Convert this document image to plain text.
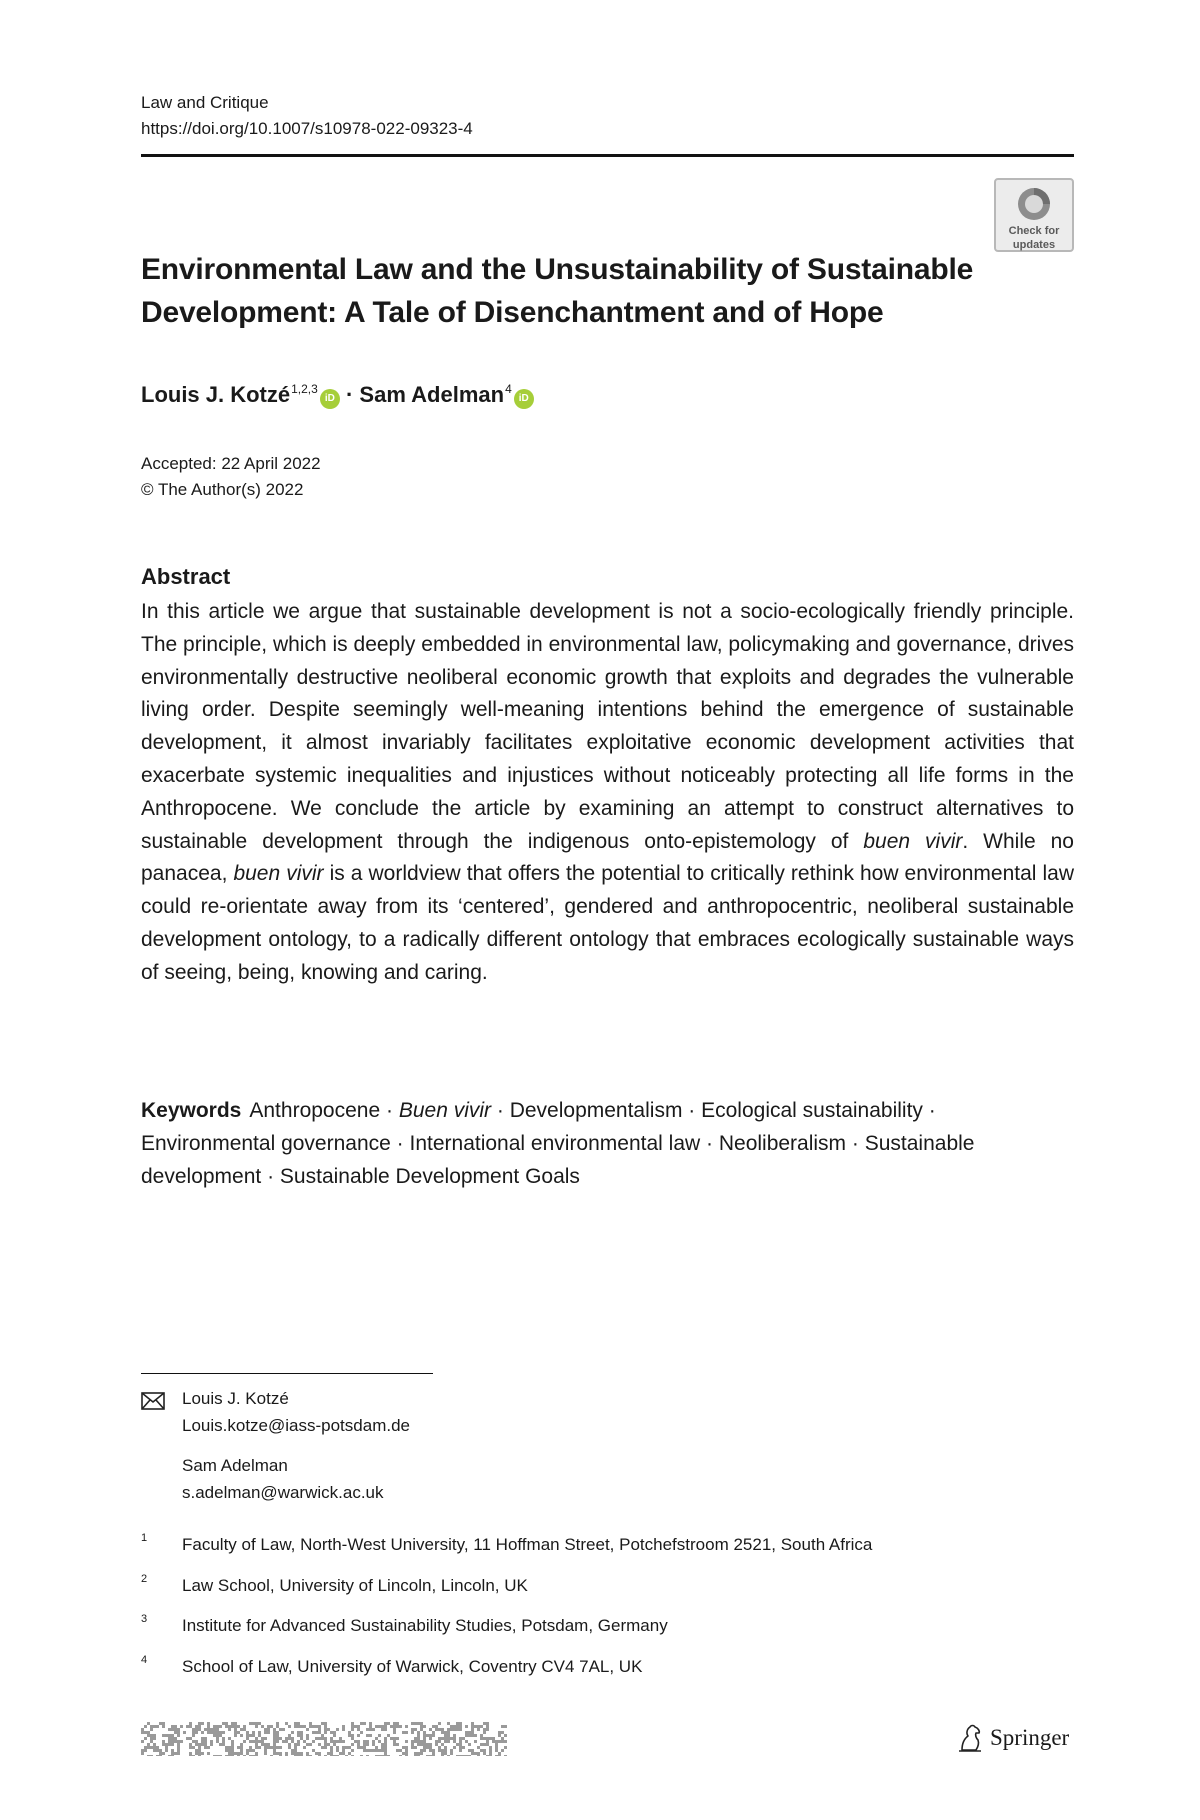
Law and Critique
https://doi.org/10.1007/s10978-022-09323-4
Check for
updates
Environmental Law and the Unsustainability of Sustainable Development: A Tale of Disenchantment and of Hope
Louis J. Kotzé$^{1,2,3}$iD · Sam Adelman$^4$iD
Accepted: 22 April 2022
© The Author(s) 2022
Abstract

In this article we argue that sustainable development is not a socio-ecologically friendly principle. The principle, which is deeply embedded in environmental law, policymaking and governance, drives environmentally destructive neoliberal economic growth that exploits and degrades the vulnerable living order. Despite seemingly well-meaning intentions behind the emergence of sustainable development, it almost invariably facilitates exploitative economic development activities that exacerbate systemic inequalities and injustices without noticeably protecting all life forms in the Anthropocene. We conclude the article by examining an attempt to construct alternatives to sustainable development through the indigenous onto-epistemology of buen vivir. While no panacea, buen vivir is a worldview that offers the potential to critically rethink how environmental law could re-orientate away from its ‘centered’, gendered and anthropocentric, neoliberal sustainable development ontology, to a radically different ontology that embraces ecologically sustainable ways of seeing, being, knowing and caring.

Keywords Anthropocene · Buen vivir · Developmentalism · Ecological sustainability · Environmental governance · International environmental law · Neoliberalism · Sustainable development · Sustainable Development Goals

Louis J. Kotzé
Louis.kotze@iass-potsdam.de
Sam Adelman
s.adelman@warwick.ac.uk
1 Faculty of Law, North-West University, 11 Hoffman Street, Potchefstroom 2521, South Africa
2 Law School, University of Lincoln, Lincoln, UK
3 Institute for Advanced Sustainability Studies, Potsdam, Germany
4 School of Law, University of Warwick, Coventry CV4 7AL, UK
Springer
